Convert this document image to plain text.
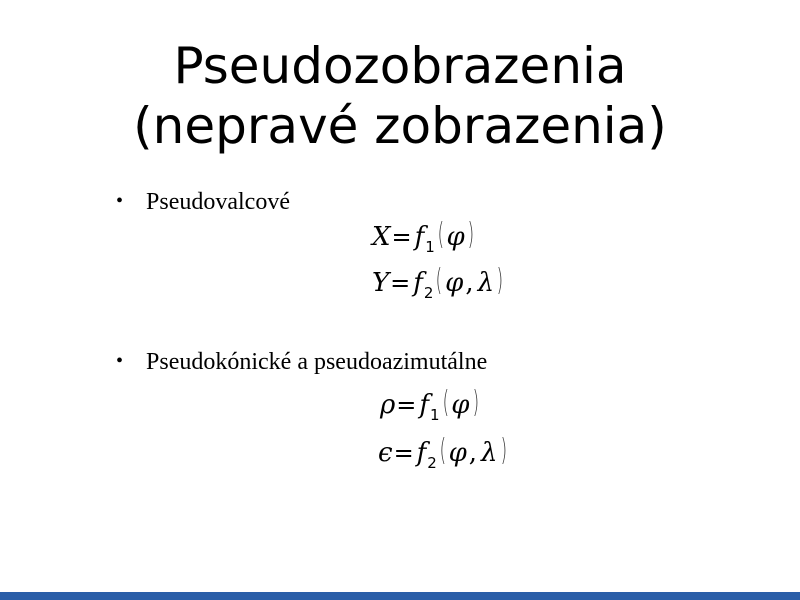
Pseudozobrazenia
(nepravé zobrazenia)
• Pseudovalcové
$X= f_1$( φ)
$Y= f_2$( φ, λ)
• Pseudokónické a pseudoazimutálne
$\rho= f_1$( φ)
$\epsilon= f_2$( φ, λ)
